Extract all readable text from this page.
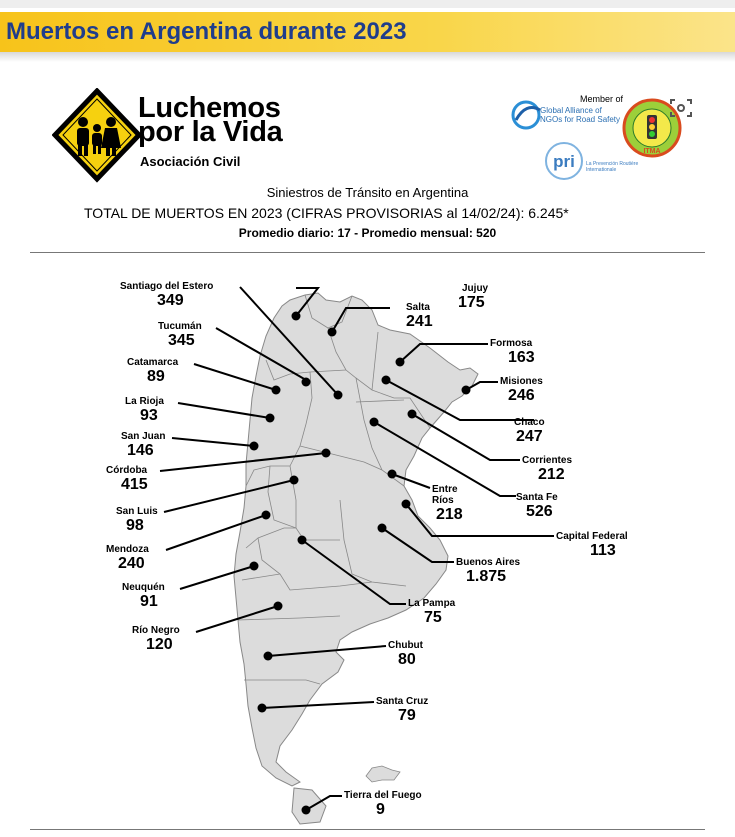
Muertos en Argentina durante 2023
Luchemos
por la Vida
Asociación Civil
Member of
Global Alliance of
NGOs for Road Safety
ITMA
pri La Prevención Routière
Internationale
Siniestros de Tránsito en Argentina
TOTAL DE MUERTOS EN 2023 (CIFRAS PROVISORIAS al 14/02/24): 6.245*
Promedio diario: 17 - Promedio mensual: 520
Santiago del Estero
349
Tucumán
345
Catamarca
89
La Rioja
93
San Juan
146
Córdoba
415
San Luis
98
Mendoza
240
Neuquén
91
Río Negro
120
Jujuy
175
Salta
241
Formosa
163
Misiones
246
Chaco
247
Corrientes
212
Entre
Ríos
218
Santa Fe
526
Capital Federal
113
Buenos Aires
1.875
La Pampa
75
Chubut
80
Santa Cruz
79
Tierra del Fuego
9
